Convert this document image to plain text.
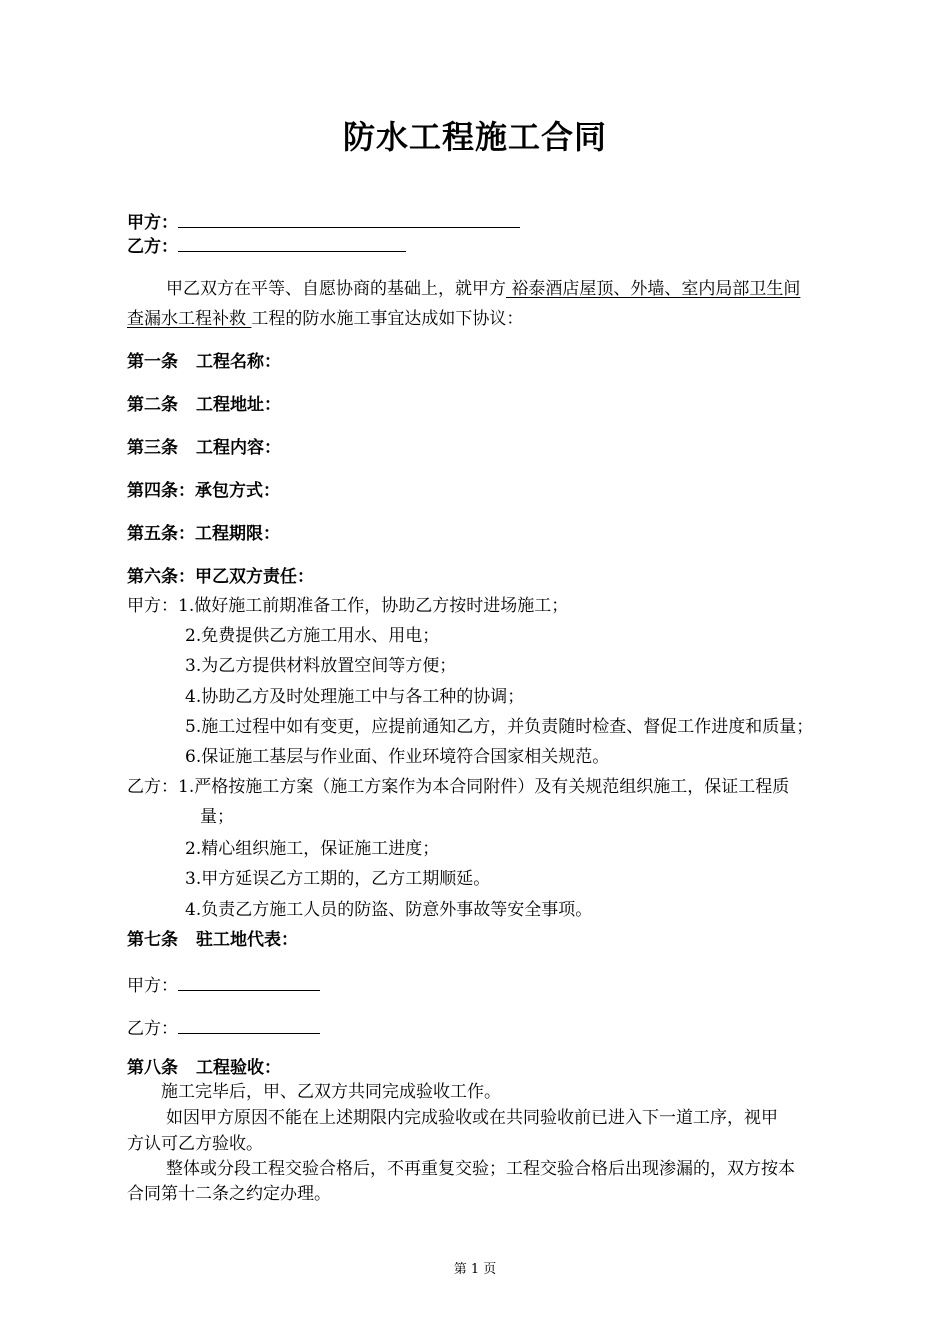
防水工程施工合同
甲方：
乙方：
甲乙双方在平等、自愿协商的基础上，就甲方 裕泰酒店屋顶、外墙、室内局部卫生间
查漏水工程补救 工程的防水施工事宜达成如下协议：
第一条 工程名称：
第二条 工程地址：
第三条 工程内容：
第四条：承包方式：
第五条：工程期限：
第六条：甲乙双方责任：
甲方：1.做好施工前期准备工作，协助乙方按时进场施工；
2.免费提供乙方施工用水、用电；
3.为乙方提供材料放置空间等方便；
4.协助乙方及时处理施工中与各工种的协调；
5.施工过程中如有变更，应提前通知乙方，并负责随时检查、督促工作进度和质量；
6.保证施工基层与作业面、作业环境符合国家相关规范。
乙方：1.严格按施工方案（施工方案作为本合同附件）及有关规范组织施工，保证工程质
量；
2.精心组织施工，保证施工进度；
3.甲方延误乙方工期的，乙方工期顺延。
4.负责乙方施工人员的防盗、防意外事故等安全事项。
第七条 驻工地代表：
甲方：
乙方：
第八条 工程验收：
施工完毕后，甲、乙双方共同完成验收工作。
如因甲方原因不能在上述期限内完成验收或在共同验收前已进入下一道工序，视甲
方认可乙方验收。
整体或分段工程交验合格后，不再重复交验；工程交验合格后出现渗漏的，双方按本
合同第十二条之约定办理。
第 1 页
